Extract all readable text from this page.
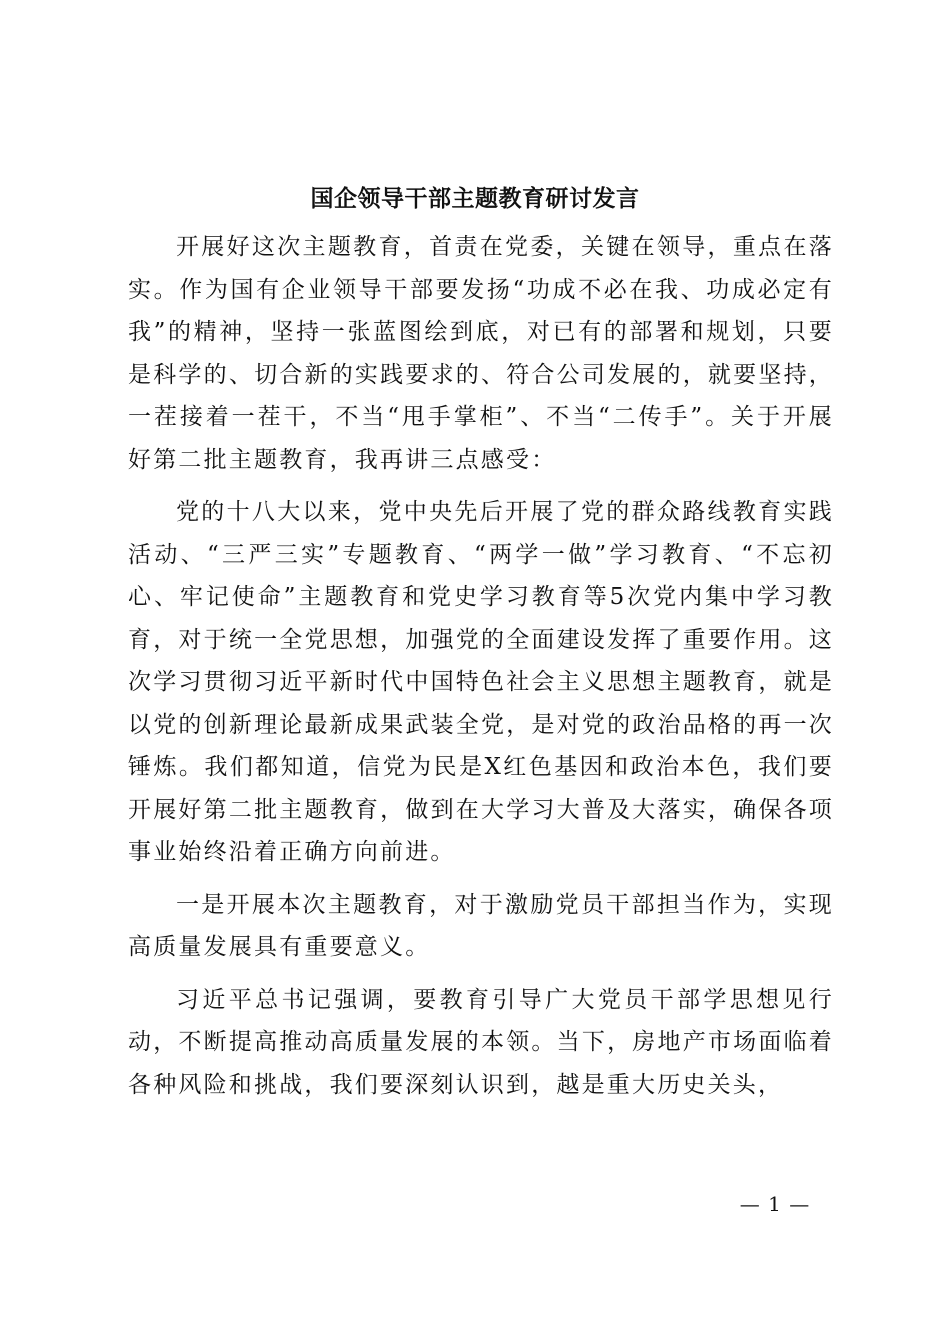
国企领导干部主题教育研讨发言

开展好这次主题教育，首责在党委，关键在领导，重点在落实。作为国有企业领导干部要发扬“功成不必在我、功成必定有我”的精神，坚持一张蓝图绘到底，对已有的部署和规划，只要是科学的、切合新的实践要求的、符合公司发展的，就要坚持，一茬接着一茬干，不当“甩手掌柜”、不当“二传手”。关于开展好第二批主题教育，我再讲三点感受：

党的十八大以来，党中央先后开展了党的群众路线教育实践活动、“三严三实”专题教育、“两学一做”学习教育、“不忘初心、牢记使命”主题教育和党史学习教育等5次党内集中学习教育，对于统一全党思想，加强党的全面建设发挥了重要作用。这次学习贯彻习近平新时代中国特色社会主义思想主题教育，就是以党的创新理论最新成果武装全党，是对党的政治品格的再一次锤炼。我们都知道，信党为民是X红色基因和政治本色，我们要开展好第二批主题教育，做到在大学习大普及大落实，确保各项事业始终沿着正确方向前进。

一是开展本次主题教育，对于激励党员干部担当作为，实现高质量发展具有重要意义。

习近平总书记强调，要教育引导广大党员干部学思想见行动，不断提高推动高质量发展的本领。当下，房地产市场面临着各种风险和挑战，我们要深刻认识到，越是重大历史关头，

— 1 —
